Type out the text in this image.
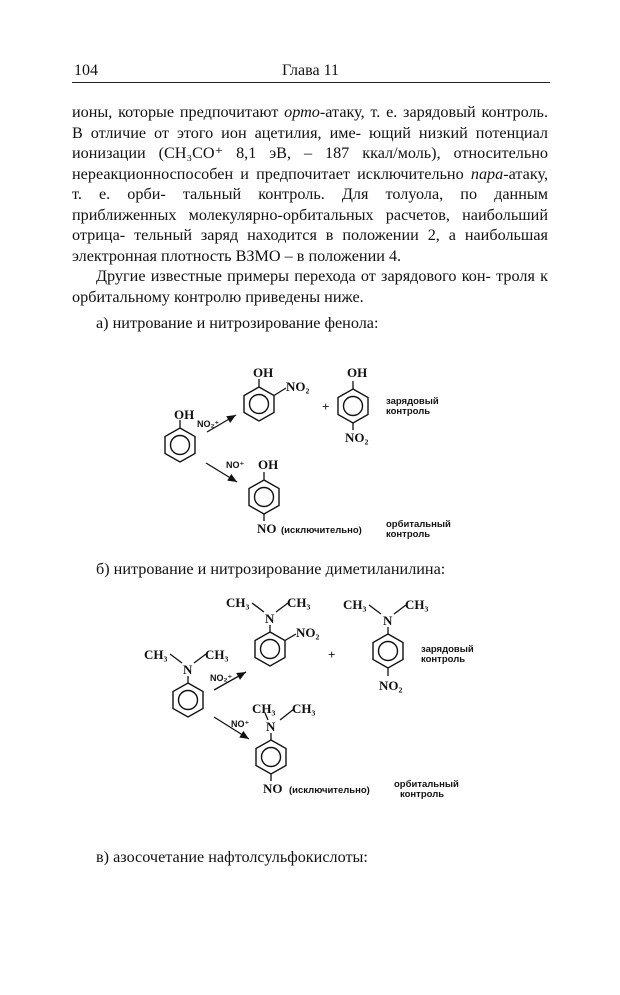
104	Глава 11

ионы, которые предпочитают орто-атаку, т. е. зарядовый контроль. В отличие от этого ион ацетилия, име- ющий низкий потенциал ионизации (CH₃CO⁺ 8,1 эВ, – 187 ккал/моль), относительно нереакционноспособен и предпочитает исключительно пара-атаку, т. е. орби- тальный контроль. Для толуола, по данным приближенных молекулярно-орбитальных расчетов, наибольший отрица- тельный заряд находится в положении 2, а наибольшая электронная плотность ВЗМО – в положении 4.

Другие известные примеры перехода от зарядового кон- троля к орбитальному контролю приведены ниже.

а) нитрование и нитрозирование фенола:
б) нитрование и нитрозирование диметиланилина:
в) азосочетание нафтолсульфокислоты:
OH
NO₂⁺
NO⁺
OH
NO₂
+
OH
NO₂
зарядовый
контроль
OH
NO (исключительно)
орбитальный
контроль
CH₃	CH₃
N
NO₂⁺
NO⁺
CH₃	CH₃
N
NO₂
+
CH₃	CH₃
N
NO₂
зарядовый
контроль
CH₃ CH₃
N
NO (исключительно)
орбитальный
контроль
